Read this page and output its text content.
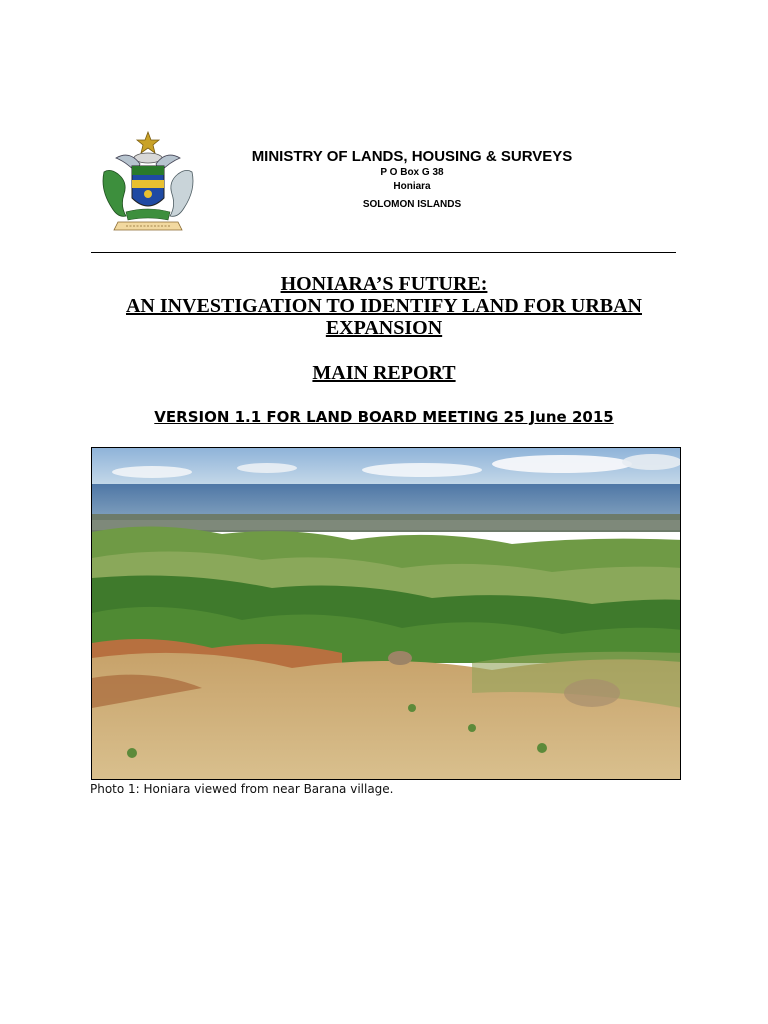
MINISTRY OF LANDS, HOUSING & SURVEYS
P O Box G 38
Honiara
SOLOMON ISLANDS
HONIARA’S FUTURE:
AN INVESTIGATION TO IDENTIFY LAND FOR URBAN
EXPANSION
MAIN REPORT
VERSION 1.1 FOR LAND BOARD MEETING 25 June 2015
Photo 1: Honiara viewed from near Barana village.
